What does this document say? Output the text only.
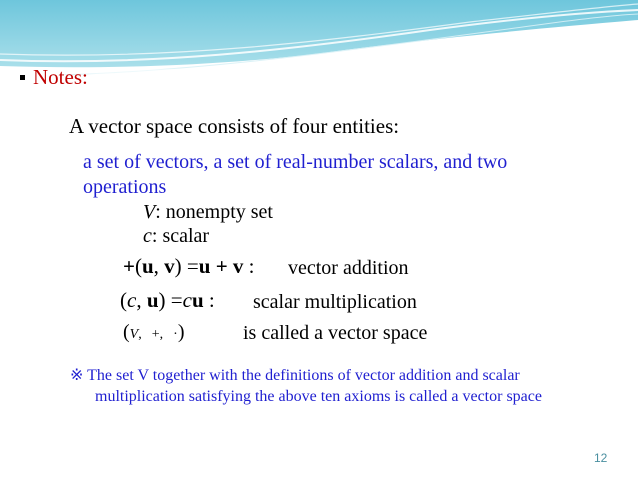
Notes:
A vector space consists of four entities:
a set of vectors, a set of real-number scalars, and two
operations
V: nonempty set
c: scalar
+(u, v) =u + v : vector addition
(c, u) =cu : scalar multiplication
(V, +, ·)	is called a vector space
※ The set V together with the definitions of vector addition and scalar
multiplication satisfying the above ten axioms is called a vector space
12
